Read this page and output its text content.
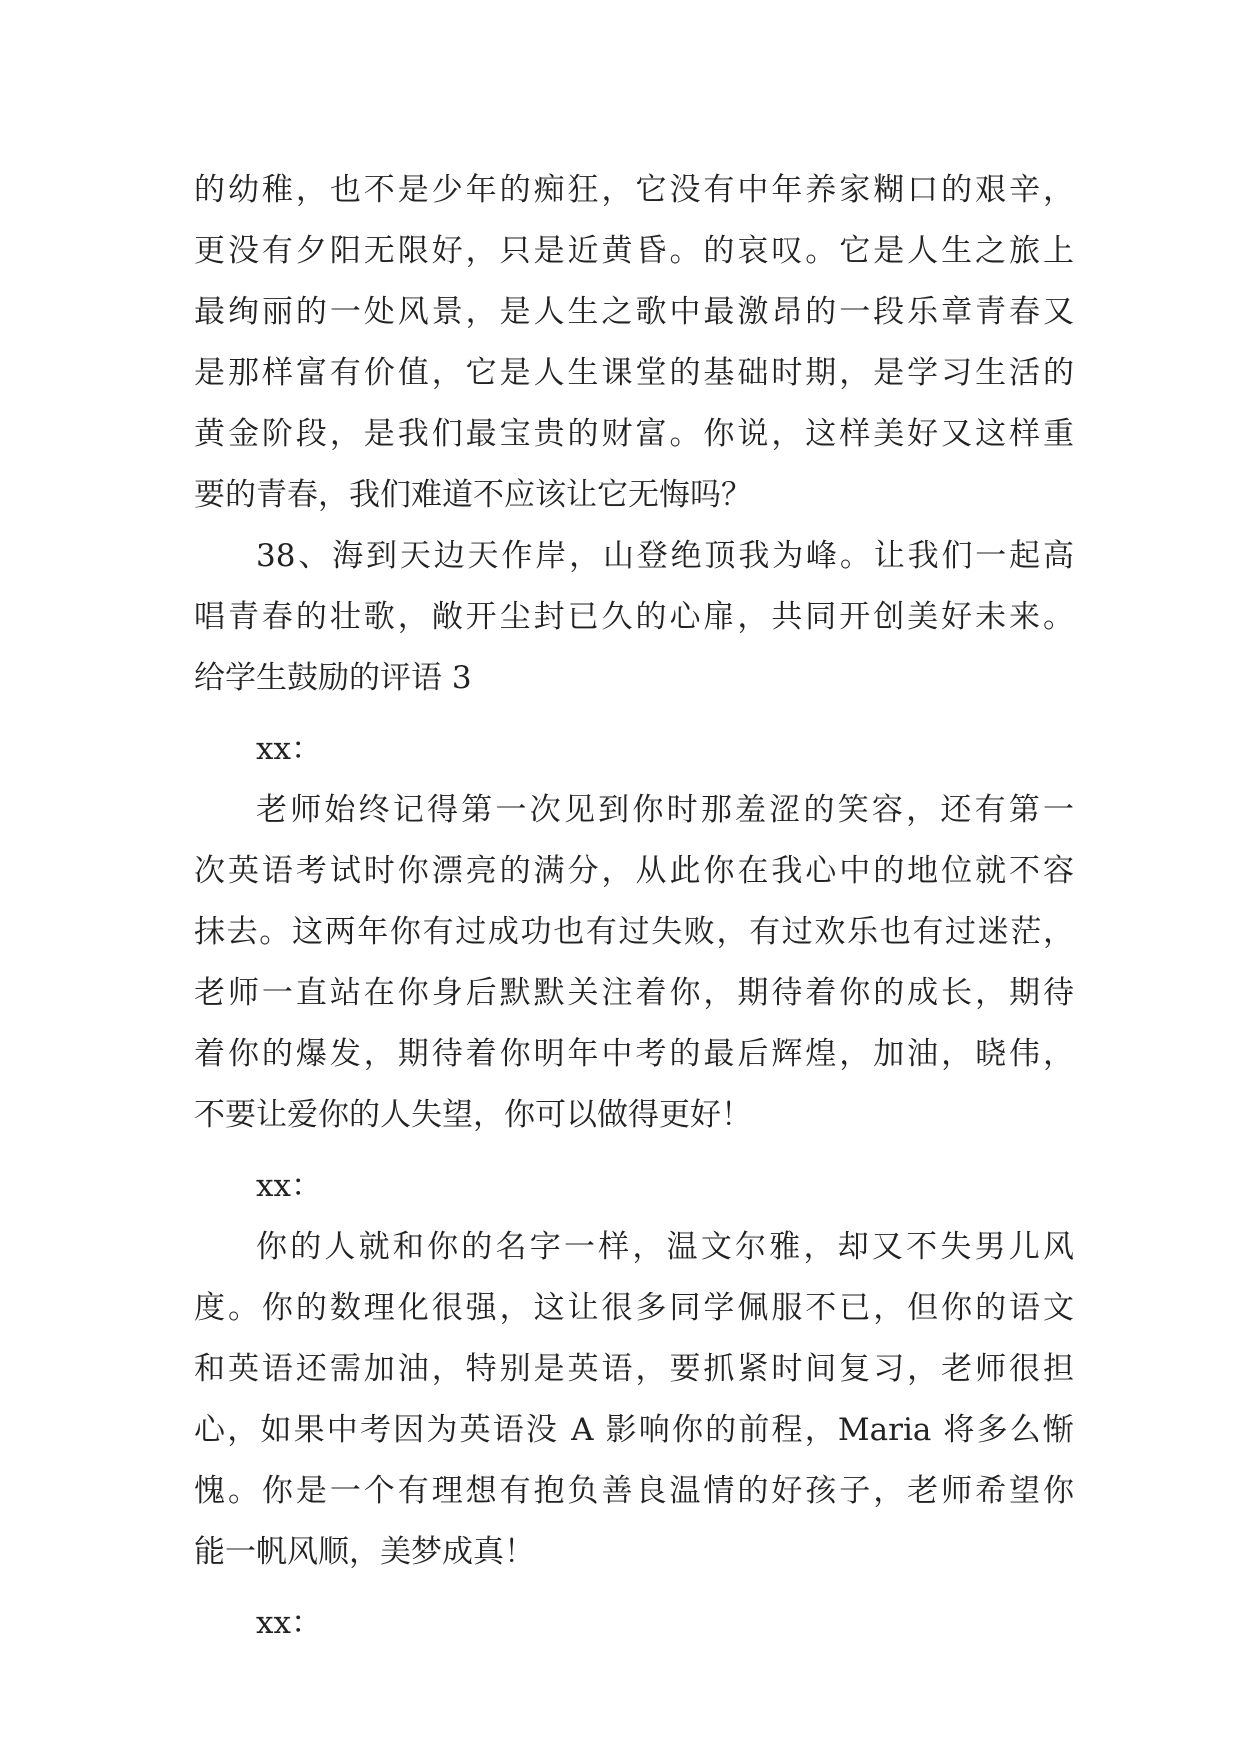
的幼稚，也不是少年的痴狂，它没有中年养家糊口的艰辛，
更没有夕阳无限好，只是近黄昏。的哀叹。它是人生之旅上
最绚丽的一处风景，是人生之歌中最激昂的一段乐章青春又
是那样富有价值，它是人生课堂的基础时期，是学习生活的
黄金阶段，是我们最宝贵的财富。你说，这样美好又这样重
要的青春，我们难道不应该让它无悔吗？
38、海到天边天作岸，山登绝顶我为峰。让我们一起高
唱青春的壮歌，敞开尘封已久的心扉，共同开创美好未来。
给学生鼓励的评语 3
xx：
老师始终记得第一次见到你时那羞涩的笑容，还有第一
次英语考试时你漂亮的满分，从此你在我心中的地位就不容
抹去。这两年你有过成功也有过失败，有过欢乐也有过迷茫，
老师一直站在你身后默默关注着你，期待着你的成长，期待
着你的爆发，期待着你明年中考的最后辉煌，加油，晓伟，
不要让爱你的人失望，你可以做得更好！
xx：
你的人就和你的名字一样，温文尔雅，却又不失男儿风
度。你的数理化很强，这让很多同学佩服不已，但你的语文
和英语还需加油，特别是英语，要抓紧时间复习，老师很担
心，如果中考因为英语没 A 影响你的前程，Maria 将多么惭
愧。你是一个有理想有抱负善良温情的好孩子，老师希望你
能一帆风顺，美梦成真！
xx：
